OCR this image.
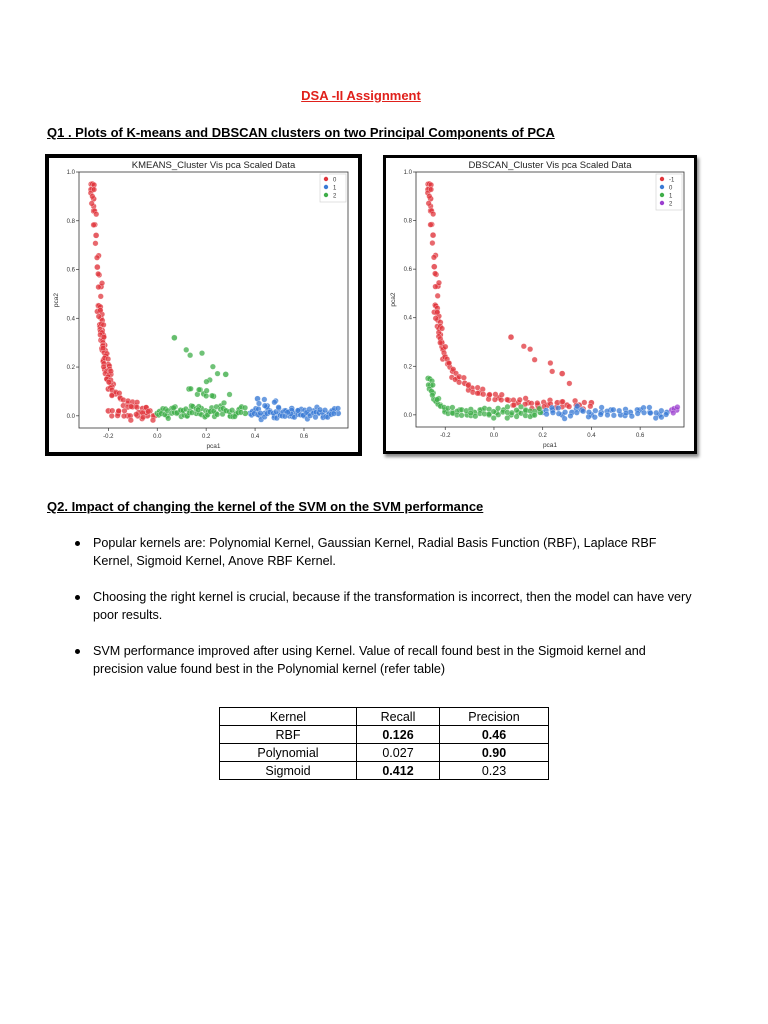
DSA -II Assignment
Q1 . Plots of K-means and DBSCAN clusters on two Principal Components of PCA
KMEANS_Cluster Vis pca Scaled Data
-0.2	0.0	0.2	0.4	0.6
0.0
0.2
0.4
0.6
0.8
1.0
pca1
pca2
0
1
2
DBSCAN_Cluster Vis pca Scaled Data
-0.2	0.0	0.2	0.4	0.6
0.0
0.2
0.4
0.6
0.8
1.0
pca1
pca2
-1
0
1
2
Q2. Impact of changing the kernel of the SVM on the SVM performance
Popular kernels are: Polynomial Kernel, Gaussian Kernel, Radial Basis Function (RBF), Laplace RBF Kernel, Sigmoid Kernel, Anove RBF Kernel.
Choosing the right kernel is crucial, because if the transformation is incorrect, then the model can have very poor results.
SVM performance improved after using Kernel. Value of recall found best in the Sigmoid kernel and precision value found best in the Polynomial kernel (refer table)
Kernel	Recall	Precision
RBF	0.126	0.46
Polynomial	0.027	0.90
Sigmoid	0.412	0.23
